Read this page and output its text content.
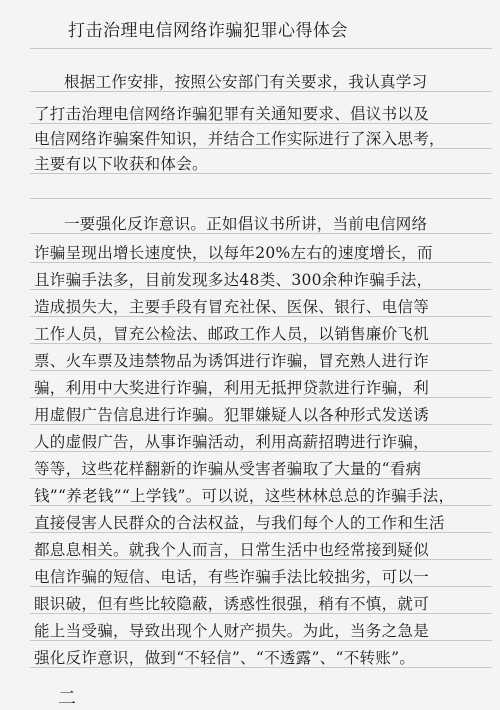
打击治理电信网络诈骗犯罪心得体会
根据工作安排，按照公安部门有关要求，我认真学习
了打击治理电信网络诈骗犯罪有关通知要求、倡议书以及
电信网络诈骗案件知识，并结合工作实际进行了深入思考，
主要有以下收获和体会。
一要强化反诈意识。正如倡议书所讲，当前电信网络
诈骗呈现出增长速度快，以每年20%左右的速度增长，而
且诈骗手法多，目前发现多达48类、300余种诈骗手法，
造成损失大，主要手段有冒充社保、医保、银行、电信等
工作人员，冒充公检法、邮政工作人员，以销售廉价飞机
票、火车票及违禁物品为诱饵进行诈骗，冒充熟人进行诈
骗，利用中大奖进行诈骗，利用无抵押贷款进行诈骗，利
用虚假广告信息进行诈骗。犯罪嫌疑人以各种形式发送诱
人的虚假广告，从事诈骗活动，利用高薪招聘进行诈骗，
等等，这些花样翻新的诈骗从受害者骗取了大量的“看病
钱”“养老钱”“上学钱”。可以说，这些林林总总的诈骗手法，
直接侵害人民群众的合法权益，与我们每个人的工作和生活
都息息相关。就我个人而言，日常生活中也经常接到疑似
电信诈骗的短信、电话，有些诈骗手法比较拙劣，可以一
眼识破，但有些比较隐蔽，诱惑性很强，稍有不慎，就可
能上当受骗，导致出现个人财产损失。为此，当务之急是
强化反诈意识，做到“不轻信”、“不透露”、“不转账”。
二
